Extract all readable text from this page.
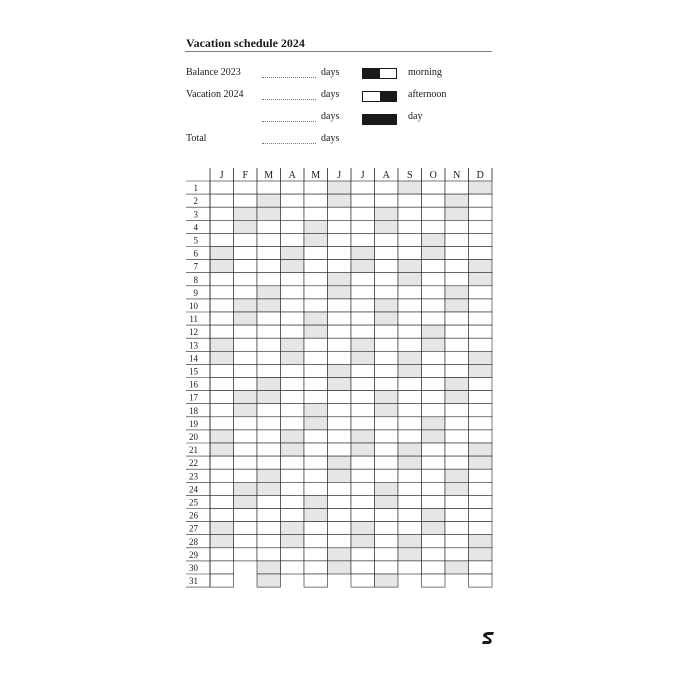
Vacation schedule 2024
Balance 2023	days
Vacation 2024	days
days
Total	days
morning
afternoon
day
J F M A M J J A S O N D
1
2
3
4
5
6
7
8
9
10
11
12
13
14
15
16
17
18
19
20
21
22
23
24
25
26
27
28
29
30
31
